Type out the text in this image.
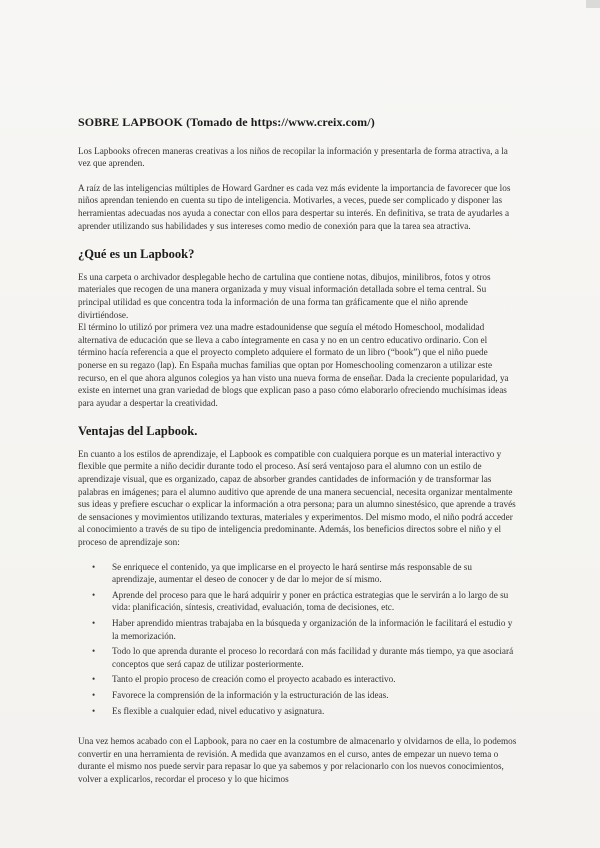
SOBRE LAPBOOK (Tomado de https://www.creix.com/)

Los Lapbooks ofrecen maneras creativas a los niños de recopilar la información y presentarla de forma atractiva, a la vez que aprenden.

A raíz de las inteligencias múltiples de Howard Gardner es cada vez más evidente la importancia de favorecer que los niños aprendan teniendo en cuenta su tipo de inteligencia. Motivarles, a veces, puede ser complicado y disponer las herramientas adecuadas nos ayuda a conectar con ellos para despertar su interés. En definitiva, se trata de ayudarles a aprender utilizando sus habilidades y sus intereses como medio de conexión para que la tarea sea atractiva.

¿Qué es un Lapbook?

Es una carpeta o archivador desplegable hecho de cartulina que contiene notas, dibujos, minilibros, fotos y otros materiales que recogen de una manera organizada y muy visual información detallada sobre el tema central. Su principal utilidad es que concentra toda la información de una forma tan gráficamente que el niño aprende divirtiéndose.

El término lo utilizó por primera vez una madre estadounidense que seguía el método Homeschool, modalidad alternativa de educación que se lleva a cabo íntegramente en casa y no en un centro educativo ordinario. Con el término hacía referencia a que el proyecto completo adquiere el formato de un libro (“book”) que el niño puede ponerse en su regazo (lap). En España muchas familias que optan por Homeschooling comenzaron a utilizar este recurso, en el que ahora algunos colegios ya han visto una nueva forma de enseñar. Dada la creciente popularidad, ya existe en internet una gran variedad de blogs que explican paso a paso cómo elaborarlo ofreciendo muchísimas ideas para ayudar a despertar la creatividad.

Ventajas del Lapbook.

En cuanto a los estilos de aprendizaje, el Lapbook es compatible con cualquiera porque es un material interactivo y flexible que permite a niño decidir durante todo el proceso. Así será ventajoso para el alumno con un estilo de aprendizaje visual, que es organizado, capaz de absorber grandes cantidades de información y de transformar las palabras en imágenes; para el alumno auditivo que aprende de una manera secuencial, necesita organizar mentalmente sus ideas y prefiere escuchar o explicar la información a otra persona; para un alumno sinestésico, que aprende a través de sensaciones y movimientos utilizando texturas, materiales y experimentos. Del mismo modo, el niño podrá acceder al conocimiento a través de su tipo de inteligencia predominante. Además, los beneficios directos sobre el niño y el proceso de aprendizaje son:

• Se enriquece el contenido, ya que implicarse en el proyecto le hará sentirse más responsable de su aprendizaje, aumentar el deseo de conocer y de dar lo mejor de sí mismo.
• Aprende del proceso para que le hará adquirir y poner en práctica estrategias que le servirán a lo largo de su vida: planificación, síntesis, creatividad, evaluación, toma de decisiones, etc.
• Haber aprendido mientras trabajaba en la búsqueda y organización de la información le facilitará el estudio y la memorización.
• Todo lo que aprenda durante el proceso lo recordará con más facilidad y durante más tiempo, ya que asociará conceptos que será capaz de utilizar posteriormente.
• Tanto el propio proceso de creación como el proyecto acabado es interactivo.
• Favorece la comprensión de la información y la estructuración de las ideas.
• Es flexible a cualquier edad, nivel educativo y asignatura.

Una vez hemos acabado con el Lapbook, para no caer en la costumbre de almacenarlo y olvidarnos de ella, lo podemos convertir en una herramienta de revisión. A medida que avanzamos en el curso, antes de empezar un nuevo tema o durante el mismo nos puede servir para repasar lo que ya sabemos y por relacionarlo con los nuevos conocimientos, volver a explicarlos, recordar el proceso y lo que hicimos
